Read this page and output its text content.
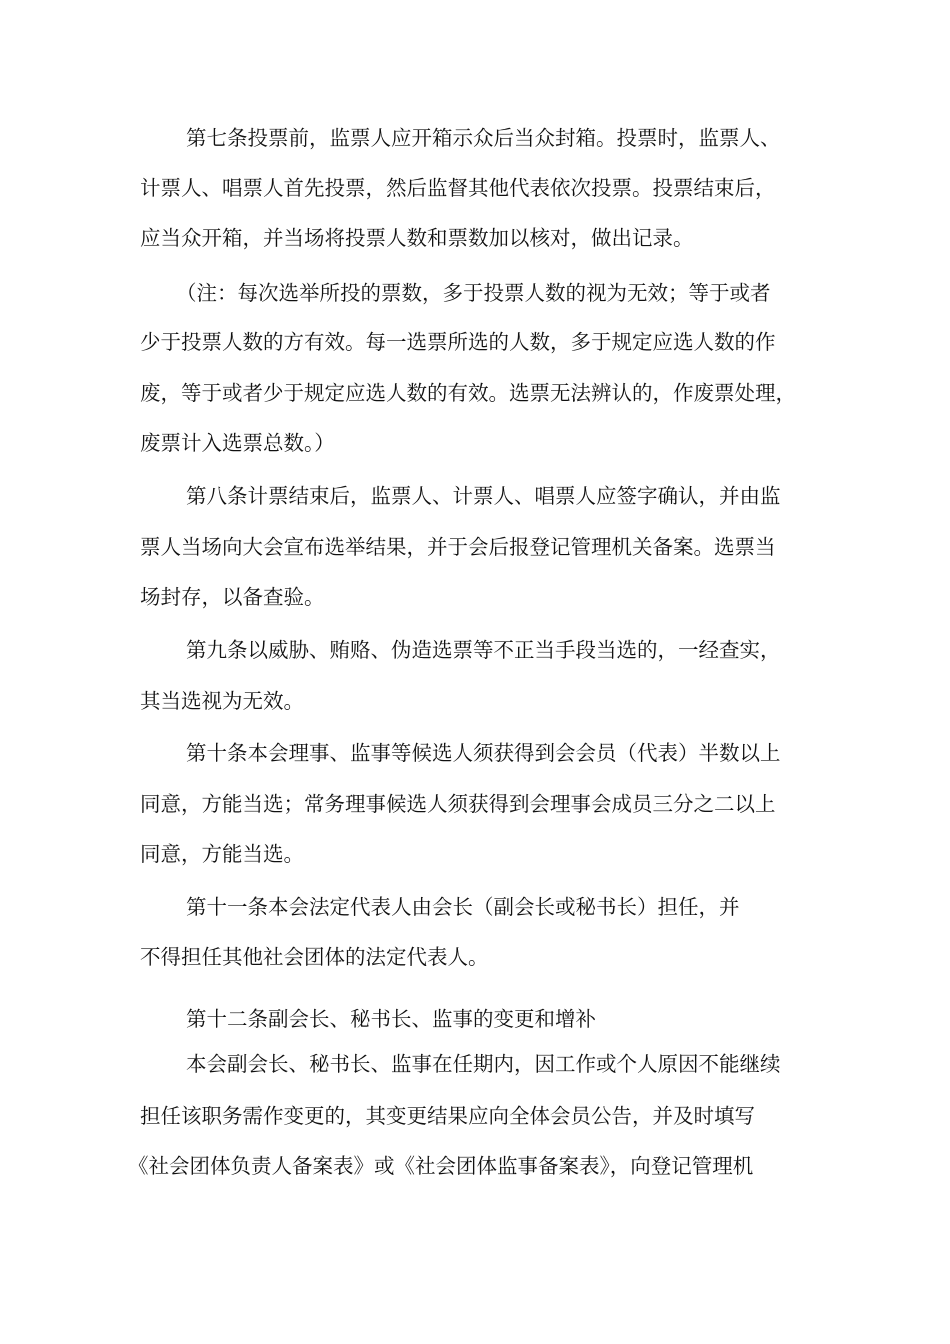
第七条投票前，监票人应开箱示众后当众封箱。投票时，监票人、
计票人、唱票人首先投票，然后监督其他代表依次投票。投票结束后，
应当众开箱，并当场将投票人数和票数加以核对，做出记录。
（注：每次选举所投的票数，多于投票人数的视为无效；等于或者
少于投票人数的方有效。每一选票所选的人数，多于规定应选人数的作
废，等于或者少于规定应选人数的有效。选票无法辨认的，作废票处理，
废票计入选票总数。）
第八条计票结束后，监票人、计票人、唱票人应签字确认，并由监
票人当场向大会宣布选举结果，并于会后报登记管理机关备案。选票当
场封存，以备查验。
第九条以威胁、贿赂、伪造选票等不正当手段当选的，一经查实，
其当选视为无效。
第十条本会理事、监事等候选人须获得到会会员（代表）半数以上
同意，方能当选；常务理事候选人须获得到会理事会成员三分之二以上
同意，方能当选。
第十一条本会法定代表人由会长（副会长或秘书长）担任，并
不得担任其他社会团体的法定代表人。
第十二条副会长、秘书长、监事的变更和增补
本会副会长、秘书长、监事在任期内，因工作或个人原因不能继续
担任该职务需作变更的，其变更结果应向全体会员公告，并及时填写
《社会团体负责人备案表》或《社会团体监事备案表》，向登记管理机
